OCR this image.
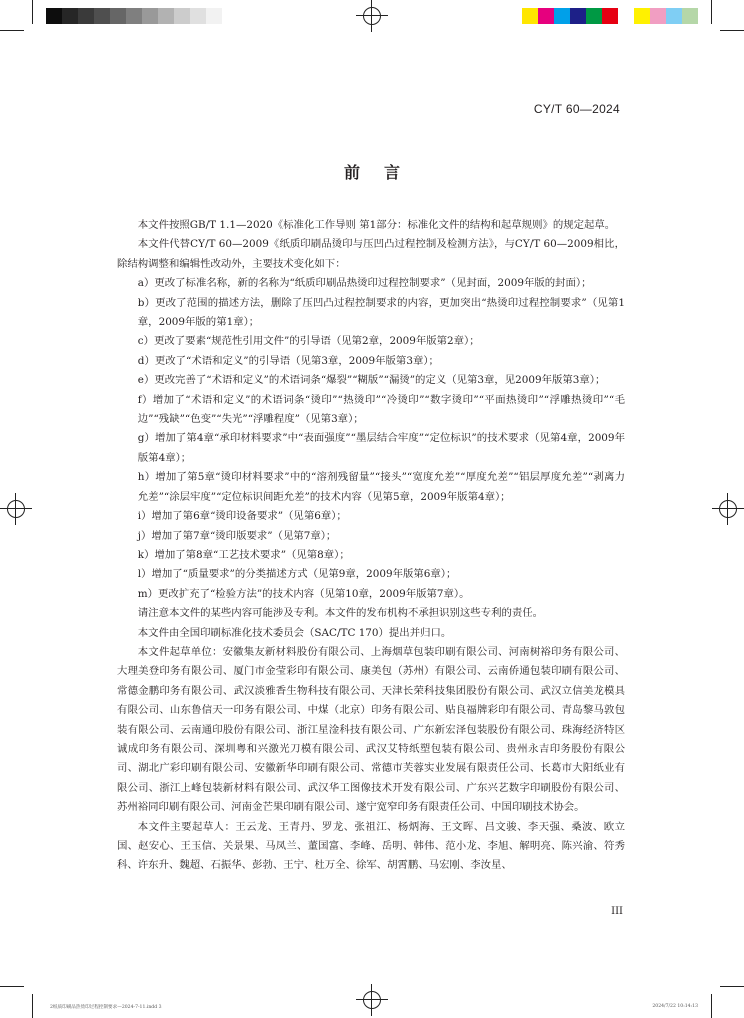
CY/T 60—2024
前言

本文件按照GB/T 1.1—2020《标准化工作导则 第1部分：标准化文件的结构和起草规则》的规定起草。

本文件代替CY/T 60—2009《纸质印刷品烫印与压凹凸过程控制及检测方法》，与CY/T 60—2009相比，除结构调整和编辑性改动外，主要技术变化如下：

a）更改了标准名称，新的名称为“纸质印刷品热烫印过程控制要求”（见封面，2009年版的封面）；

b）更改了范围的描述方法，删除了压凹凸过程控制要求的内容，更加突出“热烫印过程控制要求”（见第1章，2009年版的第1章）；

c）更改了要素“规范性引用文件”的引导语（见第2章，2009年版第2章）；

d）更改了“术语和定义”的引导语（见第3章，2009年版第3章）；

e）更改完善了“术语和定义”的术语词条“爆裂”“糊版”“漏烫”的定义（见第3章，见2009年版第3章）；

f）增加了“术语和定义”的术语词条“烫印”“热烫印”“冷烫印”“数字烫印”“平面热烫印”“浮雕热烫印”“毛边”“残缺”“色变”“失光”“浮雕程度”（见第3章）；

g）增加了第4章“承印材料要求”中“表面强度”“墨层结合牢度”“定位标识”的技术要求（见第4章，2009年版第4章）；

h）增加了第5章“烫印材料要求”中的“溶剂残留量”“接头”“宽度允差”“厚度允差”“铝层厚度允差”“剥离力允差”“涂层牢度”“定位标识间距允差”的技术内容（见第5章，2009年版第4章）；

i）增加了第6章“烫印设备要求”（见第6章）；

j）增加了第7章“烫印版要求”（见第7章）；

k）增加了第8章“工艺技术要求”（见第8章）；

l）增加了“质量要求”的分类描述方式（见第9章，2009年版第6章）；

m）更改扩充了“检验方法”的技术内容（见第10章，2009年版第7章）。

请注意本文件的某些内容可能涉及专利。本文件的发布机构不承担识别这些专利的责任。

本文件由全国印刷标准化技术委员会（SAC/TC 170）提出并归口。

本文件起草单位：安徽集友新材料股份有限公司、上海烟草包装印刷有限公司、河南树裕印务有限公司、大理美登印务有限公司、厦门市金莹彩印有限公司、康美包（苏州）有限公司、云南侨通包装印刷有限公司、常德金鹏印务有限公司、武汉淡雅香生物科技有限公司、天津长荣科技集团股份有限公司、武汉立信美龙模具有限公司、山东鲁信天一印务有限公司、中煤（北京）印务有限公司、贴良福牌彩印有限公司、青岛黎马敦包装有限公司、云南通印股份有限公司、浙江星淦科技有限公司、广东新宏泽包装股份有限公司、珠海经济特区诚成印务有限公司、深圳粤和兴激光刀模有限公司、武汉艾特纸塑包装有限公司、贵州永吉印务股份有限公司、湖北广彩印刷有限公司、安徽新华印刷有限公司、常德市芙蓉实业发展有限责任公司、长葛市大阳纸业有限公司、浙江上峰包装新材料有限公司、武汉华工图像技术开发有限公司、广东兴艺数字印刷股份有限公司、苏州裕同印刷有限公司、河南金芒果印刷有限公司、遂宁宽窄印务有限责任公司、中国印刷技术协会。

本文件主要起草人：王云龙、王青丹、罗龙、张祖江、杨炳海、王文晖、吕文骏、李天强、桑波、欧立国、赵安心、王玉信、关景果、马凤兰、董国富、李峰、岳明、韩伟、范小龙、李旭、解明亮、陈兴渝、符秀科、许东升、魏超、石振华、彭勃、王宁、杜万全、徐军、胡霄鹏、马宏刚、李汝星、

III
2纸质印刷品热烫印过程控制要求—2024-7-11.indd 3	2024/7/22 10:14:13
